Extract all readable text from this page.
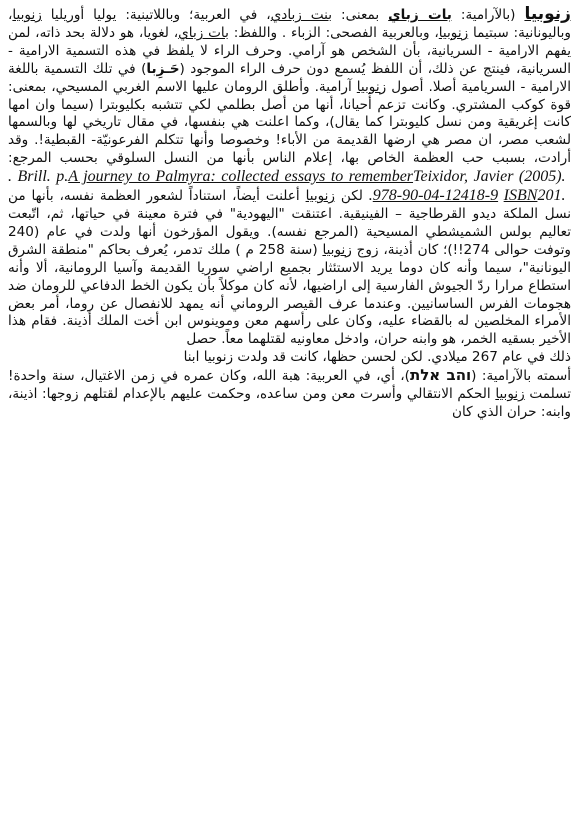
زنوبيا (بالآرامية: بات زباي بمعنى: بنت زبادي، في العربية؛ وباللاتينية: يوليا أوريليا زنوبيا، وباليونانية: سبتيما زنوبيا، وبالعربية الفصحى: الزباء . واللفظ: بات زباي، لغويا، هو دلالة بحد ذاته، لمن يفهم الارامية - السريانية، بأن الشخص هو آرامي. وحرف الراء لا يلفظ في هذه التسمية الارامية - السريانية، فينتج عن ذلك، أن اللفظ يُسمع دون حرف الراء الموجود (حَـزِبا) في تلك التسمية باللغة الارامية - السريامية أصلا. أصول زنوبيا آرامية. وأطلق الرومان عليها الاسم الغربي المسيحي، بمعنى: قوة كوكب المشتري. وكانت تزعم أحيانا، أنها من أصل بطلمي لكي تتشبه بكليوبترا (سيما وان امها كانت إغريقية ومن نسل كليوبترا كما يقال)، وكما اعلنت هي بنفسها، في مقال تاريخي لها وبالسمها لشعب مصر، ان مصر هي ارضها القديمة من الأباء! وخصوصا وأنها تتكلم الفرعونيّة- القبطية!. وقد أرادت، بسبب حب العظمة الخاص بها، إعلام الناس بأنها من النسل السلوقي بحسب المرجع: Teixidor, Javier (2005). A journey to Palmyra: collected essays to remember. Brill. p. 201. ISBN 978-90-04-12418-9. لكن زنوبيا أعلنت أيضاً، استناداً لشعور العظمة نفسه، بأنها من نسل الملكة ديدو القرطاجية – الفينيقية. اعتنقت "اليهودية" في فترة معينة في حياتها، ثم، اتّبعت تعاليم بولس الشميشطي المسيحية (المرجع نفسه). ويقول المؤرخون أنها ولدت في عام (240 وتوفت حوالى 274!!)؛ كان أذينة، زوج زنوبيا (سنة 258 م ) ملك تدمر، يُعرف بحاكم "منطقة الشرق اليونانية"، سيما وأنه كان دوما يريد الاستئثار بجميع اراضي سوريا القديمة وآسيا الرومانية، ألا وأنه استطاع مرارا ردّ الجيوش الفارسية إلى اراضيها، لأنه كان موكلاً بأن يكون الخط الدفاعي للرومان ضد هجومات الفرس الساسانيين. وعندما عرف القيصر الروماني أنه يمهد للانفصال عن روما، أمر بعض الأمراء المخلصين له بالقضاء عليه، وكان على رأسهم معن وموينوس ابن أخت الملك أذينة. فقام هذا الأخير بسقيه الخمر، هو وابنه حران، وادخل معاونيه لقتلهما معاً. حصل

ذلك في عام 267 ميلادي. لكن لحسن حظها، كانت قد ولدت زنوبيا ابنا

أسمته بالآرامية: (והב אלת)، أي، في العربية: هبة الله، وكان عمره في زمن الاغتيال، سنة واحدة! تسلمت زنوبيا الحكم الانتقالي وأسرت معن ومن ساعده، وحكمت عليهم بالإعدام لقتلهم زوجها: اذينة، وابنه: حران الذي كان
